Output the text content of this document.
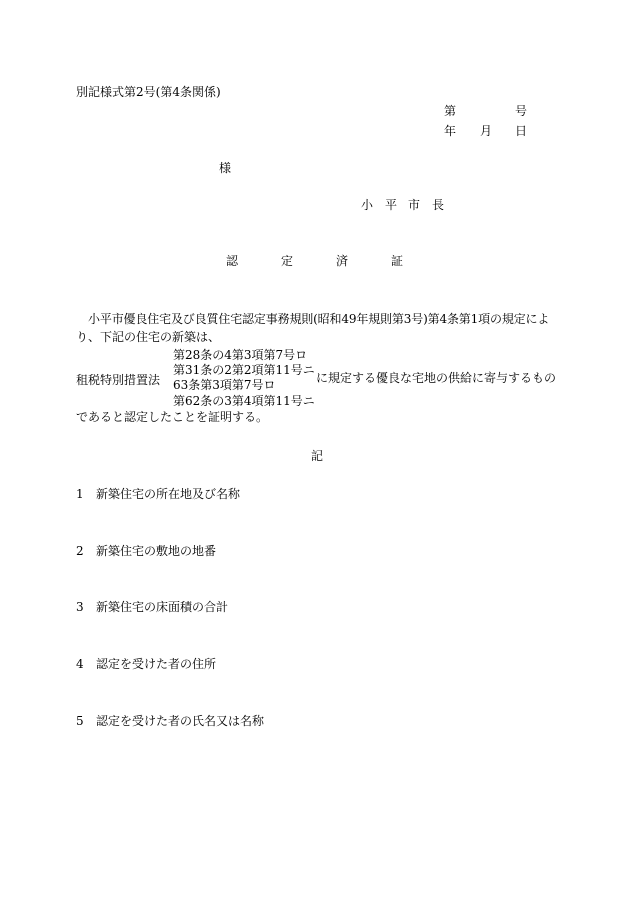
別記様式第2号(第4条関係)
第	号
年 月 日
様
小 平 市 長
認	定	済	証
小平市優良住宅及び良質住宅認定事務規則(昭和49年規則第3号)第4条第1項の規定によ
り、下記の住宅の新築は、
租税特別措置法
第28条の4第3項第7号ロ
第31条の2第2項第11号ニ
63条第3項第7号ロ
第62条の3第4項第11号ニ
に規定する優良な宅地の供給に寄与するもの
であると認定したことを証明する。
記
1 新築住宅の所在地及び名称
2 新築住宅の敷地の地番
3 新築住宅の床面積の合計
4 認定を受けた者の住所
5 認定を受けた者の氏名又は名称
